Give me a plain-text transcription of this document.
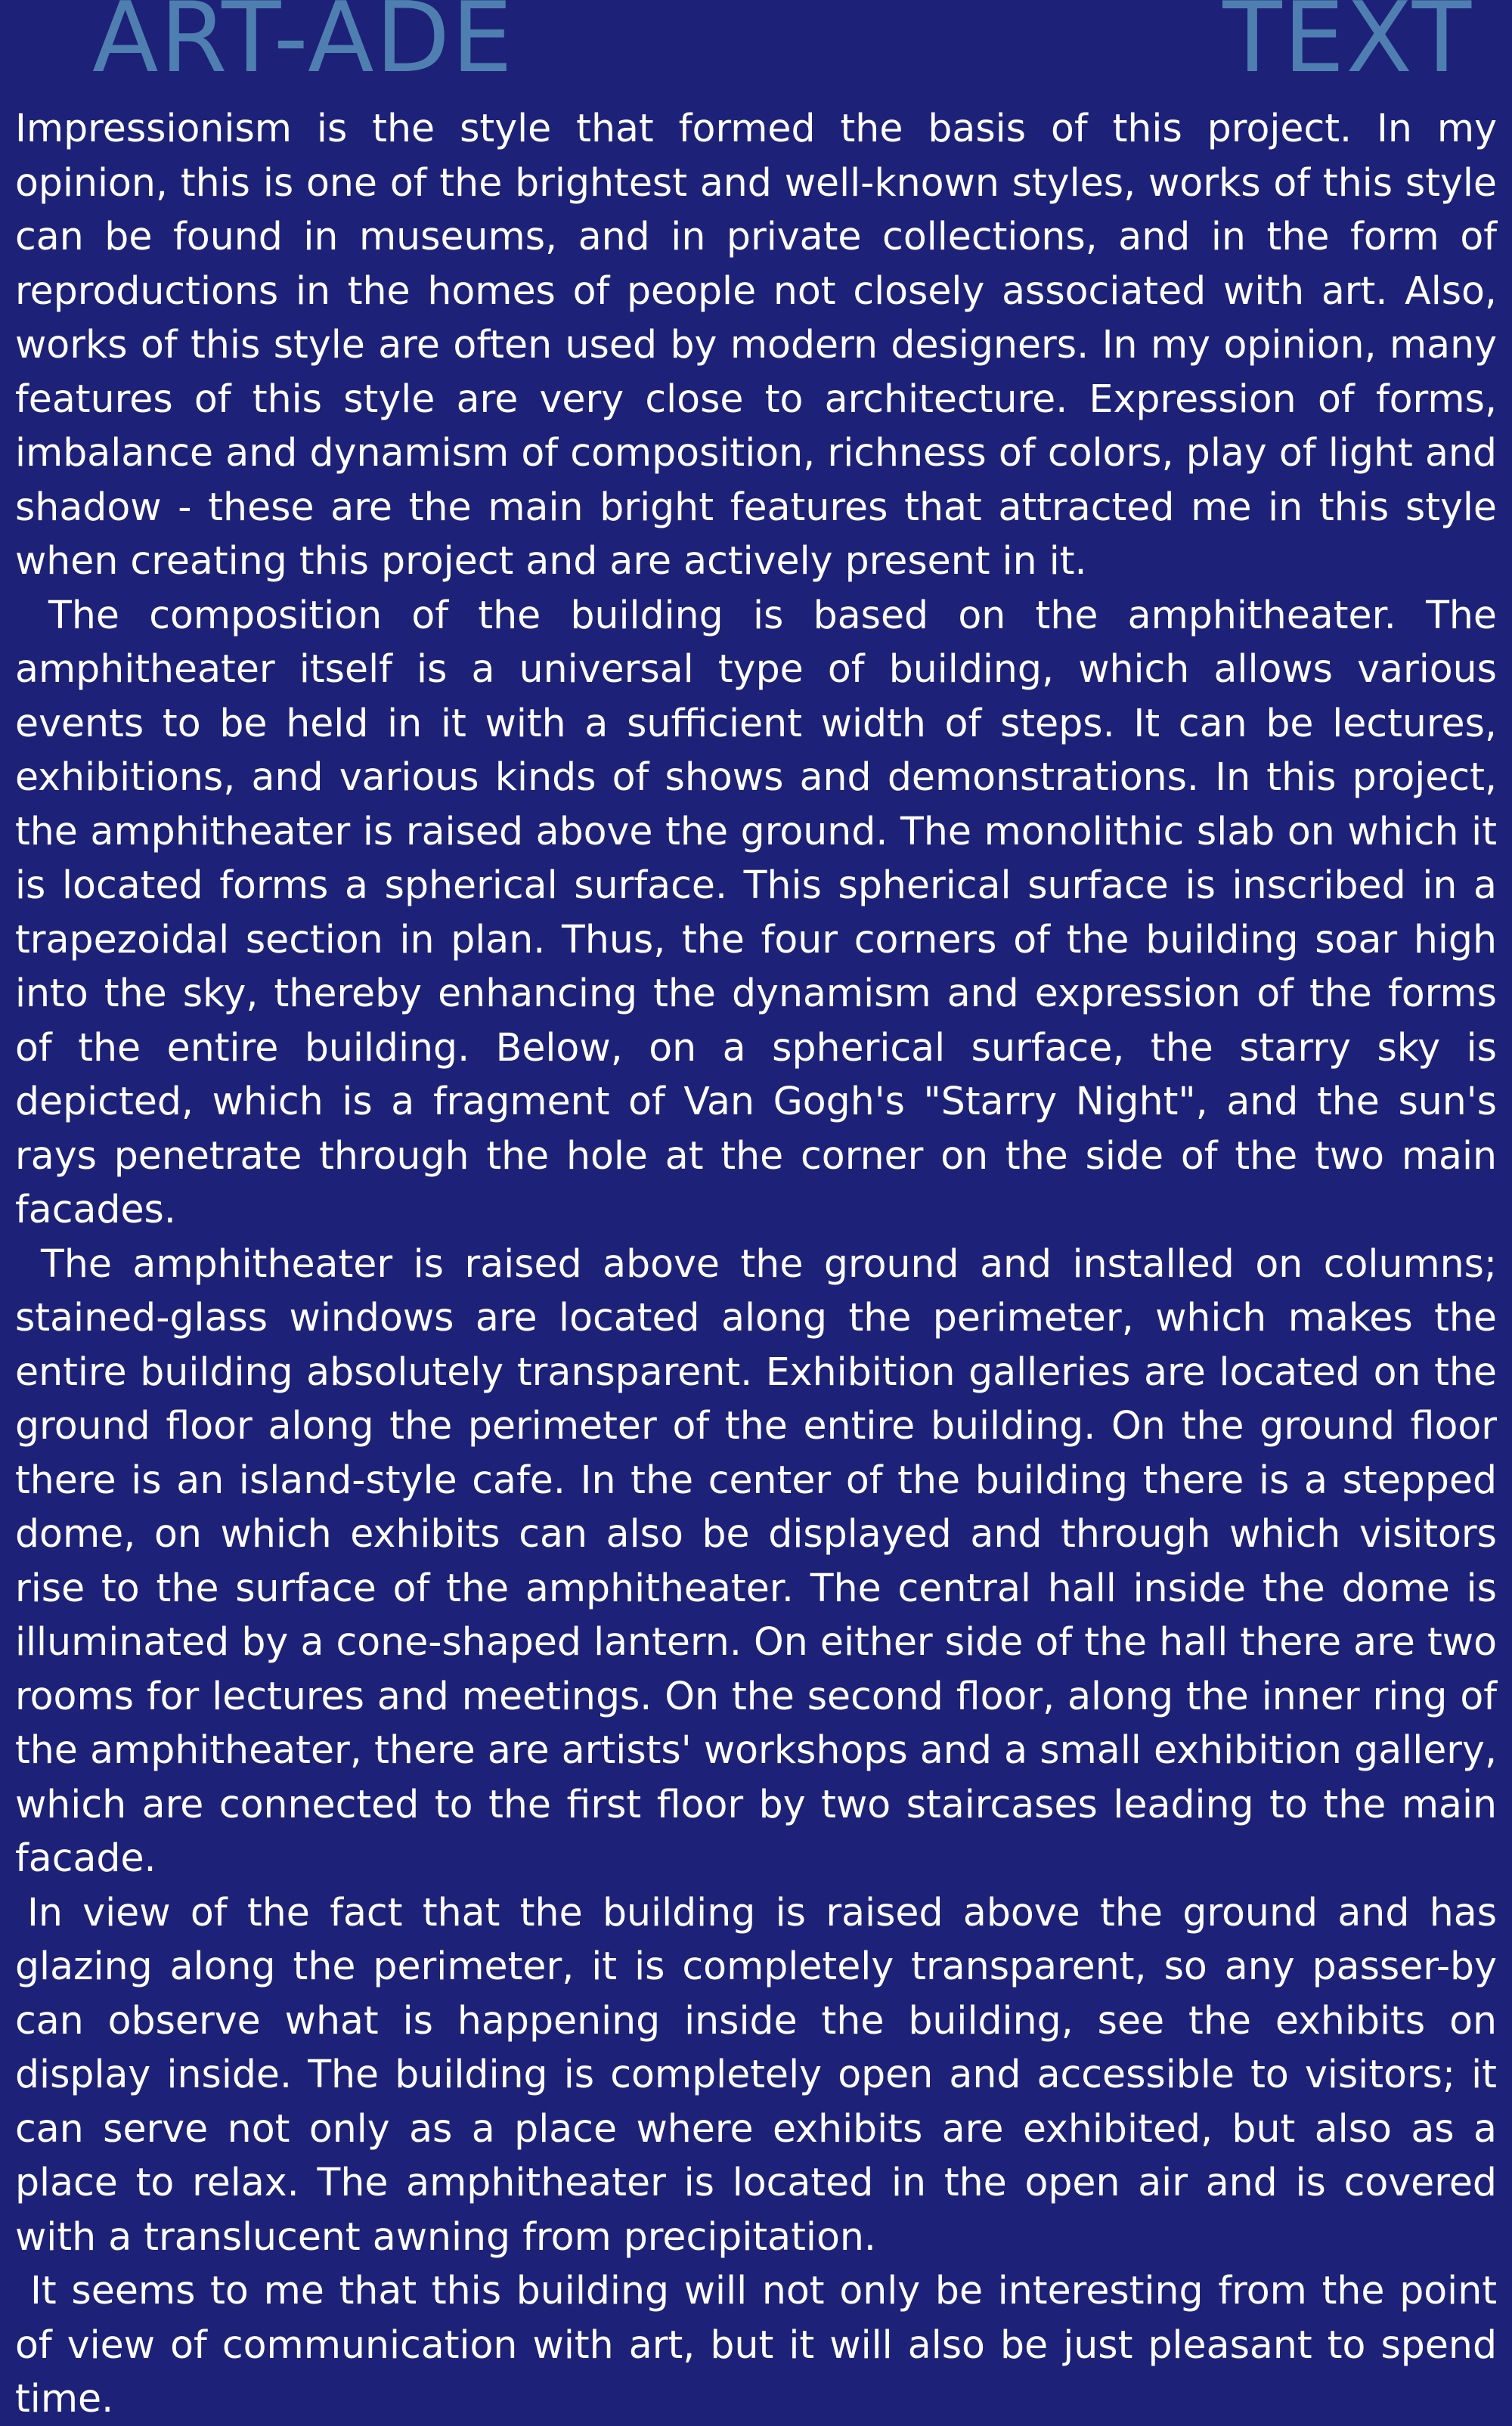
ART-ADE	TEXT

Impressionism is the style that formed the basis of this project. In my opinion, this is one of the brightest and well-known styles, works of this style can be found in museums, and in private collections, and in the form of reproductions in the homes of people not closely associated with art. Also, works of this style are often used by modern designers. In my opinion, many features of this style are very close to architecture. Expression of forms, imbalance and dynamism of composition, richness of colors, play of light and shadow - these are the main bright features that attracted me in this style when creating this project and are actively present in it.

The composition of the building is based on the amphitheater. The amphitheater itself is a universal type of building, which allows various events to be held in it with a sufficient width of steps. It can be lectures, exhibitions, and various kinds of shows and demonstrations. In this project, the amphitheater is raised above the ground. The monolithic slab on which it is located forms a spherical surface. This spherical surface is inscribed in a trapezoidal section in plan. Thus, the four corners of the building soar high into the sky, thereby enhancing the dynamism and expression of the forms of the entire building. Below, on a spherical surface, the starry sky is depicted, which is a fragment of Van Gogh's "Starry Night", and the sun's rays penetrate through the hole at the corner on the side of the two main facades.

The amphitheater is raised above the ground and installed on columns; stained-glass windows are located along the perimeter, which makes the entire building absolutely transparent. Exhibition galleries are located on the ground floor along the perimeter of the entire building. On the ground floor there is an island-style cafe. In the center of the building there is a stepped dome, on which exhibits can also be displayed and through which visitors rise to the surface of the amphitheater. The central hall inside the dome is illuminated by a cone-shaped lantern. On either side of the hall there are two rooms for lectures and meetings. On the second floor, along the inner ring of the amphitheater, there are artists' workshops and a small exhibition gallery, which are connected to the first floor by two staircases leading to the main facade.

In view of the fact that the building is raised above the ground and has glazing along the perimeter, it is completely transparent, so any passer-by can observe what is happening inside the building, see the exhibits on display inside. The building is completely open and accessible to visitors; it can serve not only as a place where exhibits are exhibited, but also as a place to relax. The amphitheater is located in the open air and is covered with a translucent awning from precipitation.

It seems to me that this building will not only be interesting from the point of view of communication with art, but it will also be just pleasant to spend time.
